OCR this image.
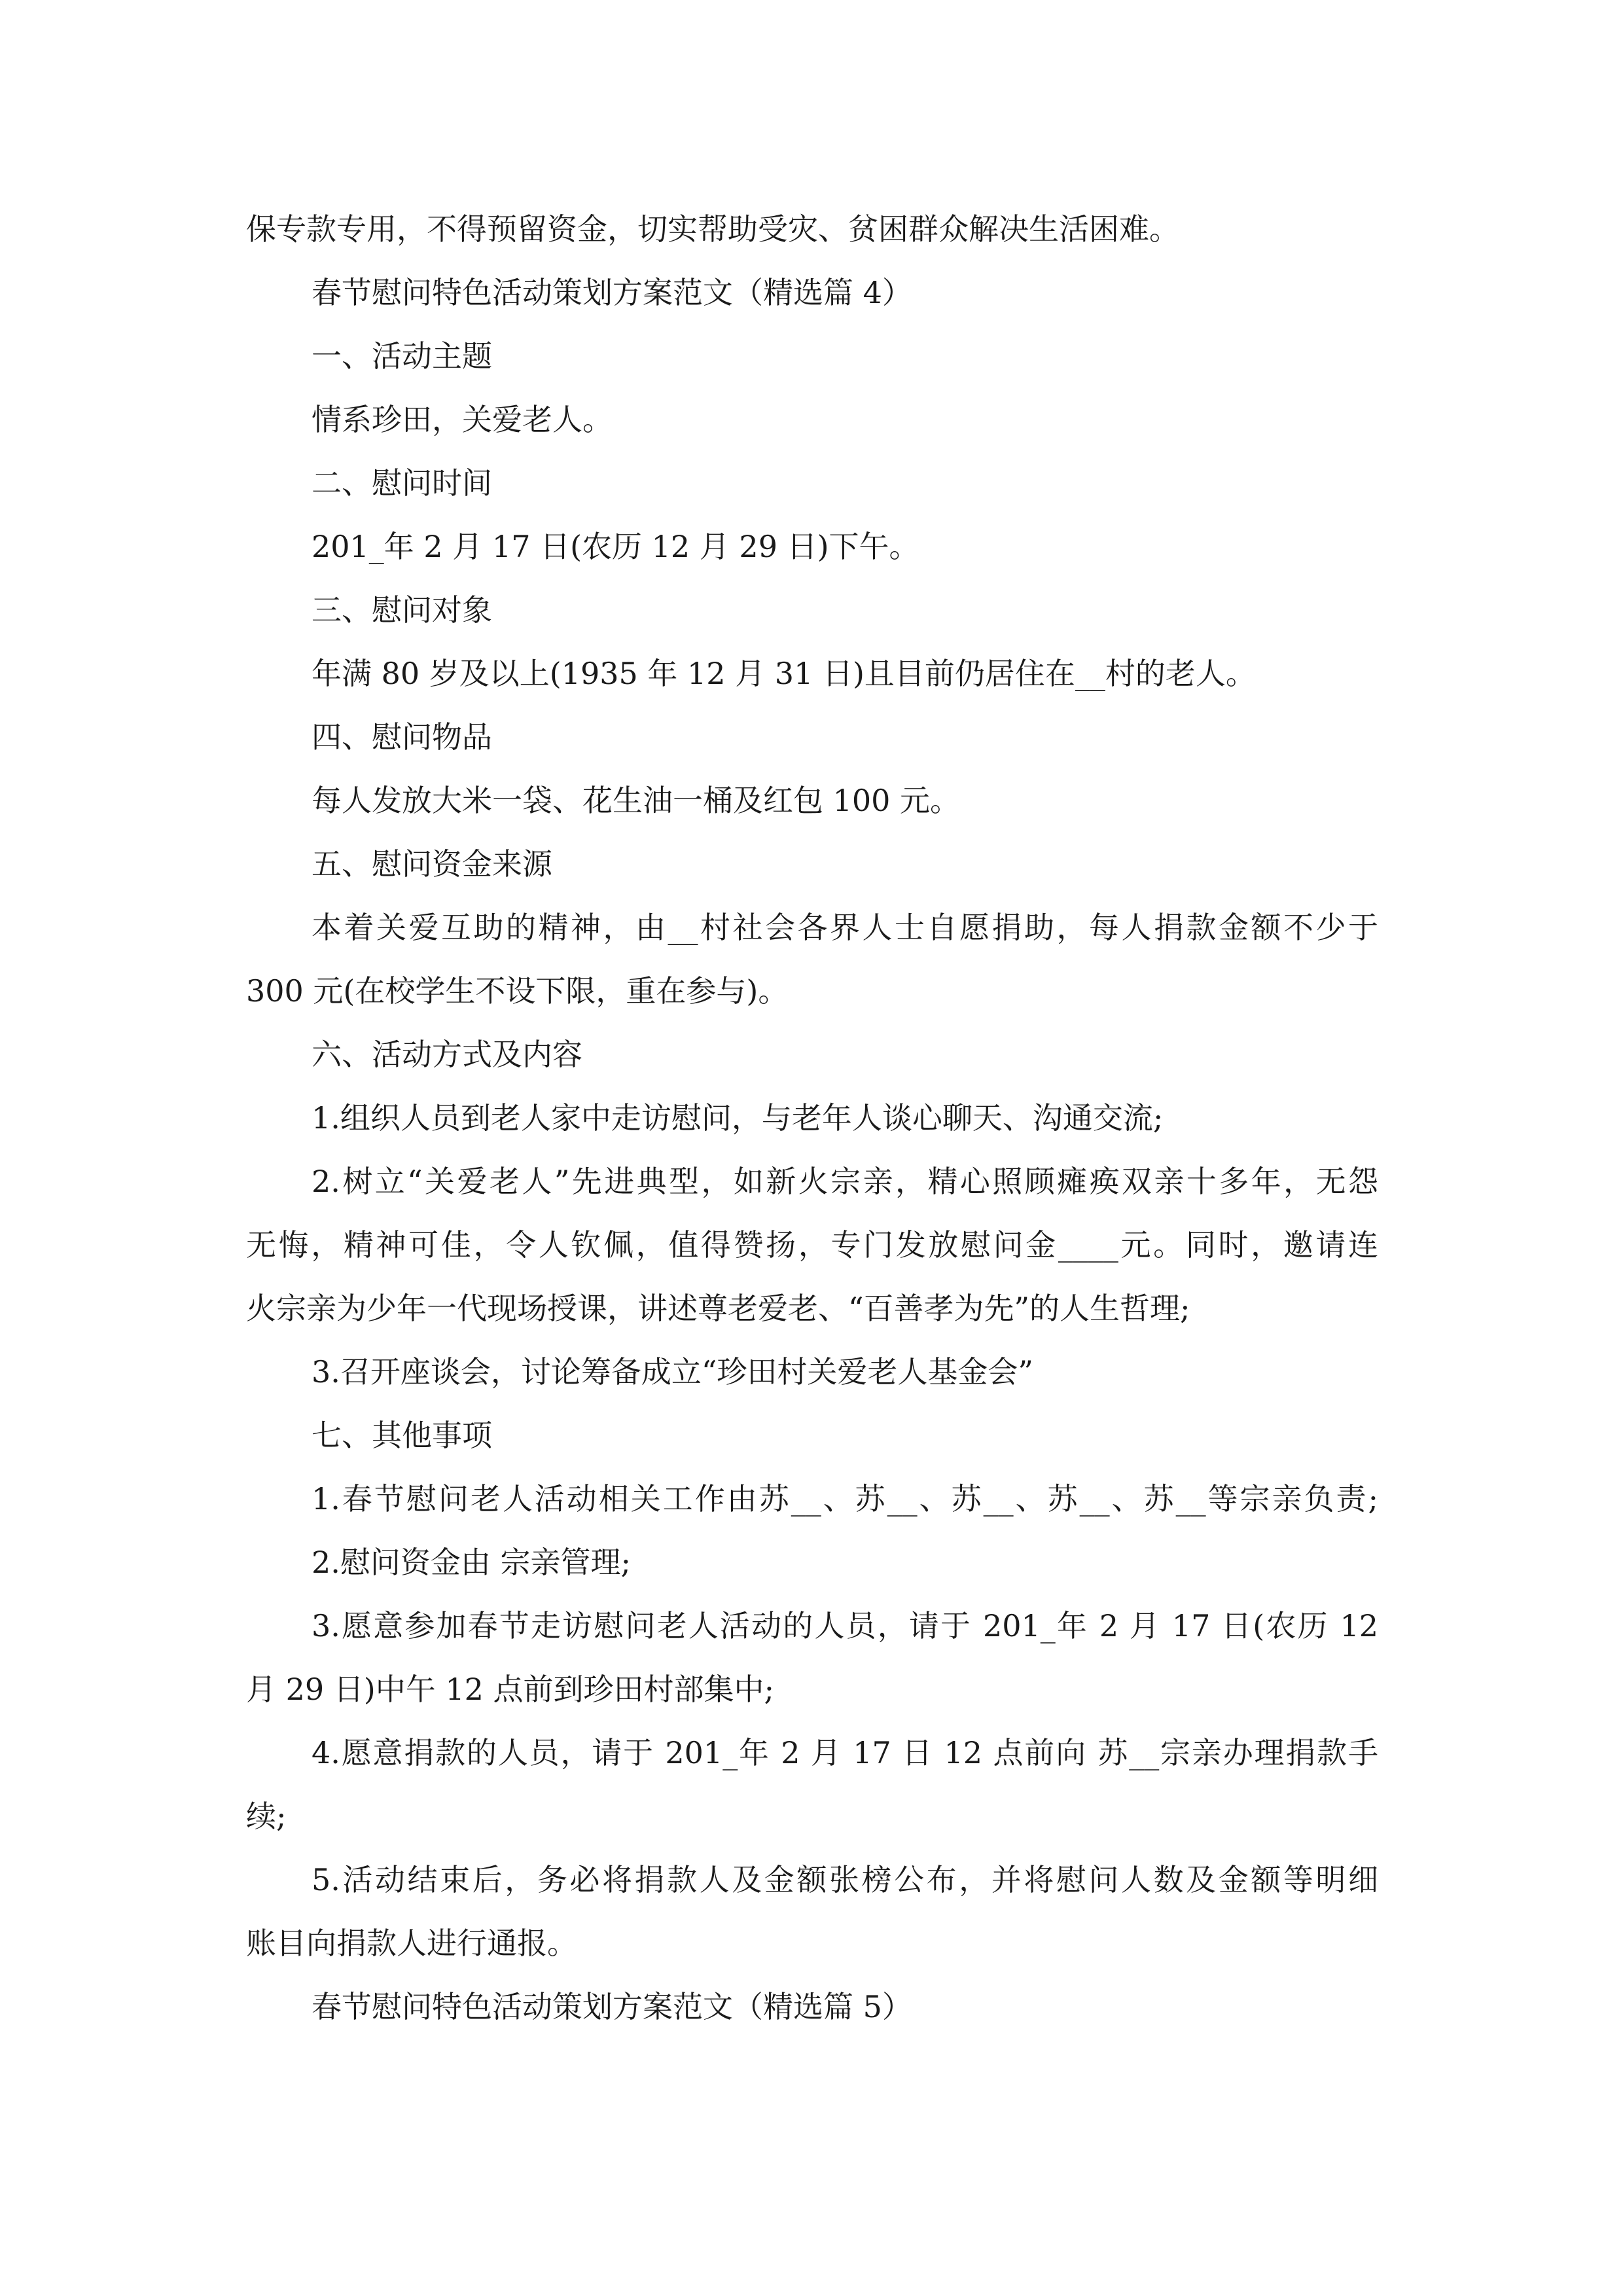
保专款专用，不得预留资金，切实帮助受灾、贫困群众解决生活困难。
春节慰问特色活动策划方案范文（精选篇 4）
一、活动主题
情系珍田，关爱老人。
二、慰问时间
201_年 2 月 17 日(农历 12 月 29 日)下午。
三、慰问对象
年满 80 岁及以上(1935 年 12 月 31 日)且目前仍居住在__村的老人。
四、慰问物品
每人发放大米一袋、花生油一桶及红包 100 元。
五、慰问资金来源
本着关爱互助的精神，由__村社会各界人士自愿捐助，每人捐款金额不少于
300 元(在校学生不设下限，重在参与)。
六、活动方式及内容
1.组织人员到老人家中走访慰问，与老年人谈心聊天、沟通交流;
2.树立“关爱老人”先进典型，如新火宗亲，精心照顾瘫痪双亲十多年，无怨
无悔，精神可佳，令人钦佩，值得赞扬，专门发放慰问金____元。同时，邀请连
火宗亲为少年一代现场授课，讲述尊老爱老、“百善孝为先”的人生哲理;
3.召开座谈会，讨论筹备成立“珍田村关爱老人基金会”
七、其他事项
1.春节慰问老人活动相关工作由苏__、苏__、苏__、苏__、苏__等宗亲负责;
2.慰问资金由 宗亲管理;
3.愿意参加春节走访慰问老人活动的人员，请于 201_年 2 月 17 日(农历 12
月 29 日)中午 12 点前到珍田村部集中;
4.愿意捐款的人员，请于 201_年 2 月 17 日 12 点前向 苏__宗亲办理捐款手
续;
5.活动结束后，务必将捐款人及金额张榜公布，并将慰问人数及金额等明细
账目向捐款人进行通报。
春节慰问特色活动策划方案范文（精选篇 5）
